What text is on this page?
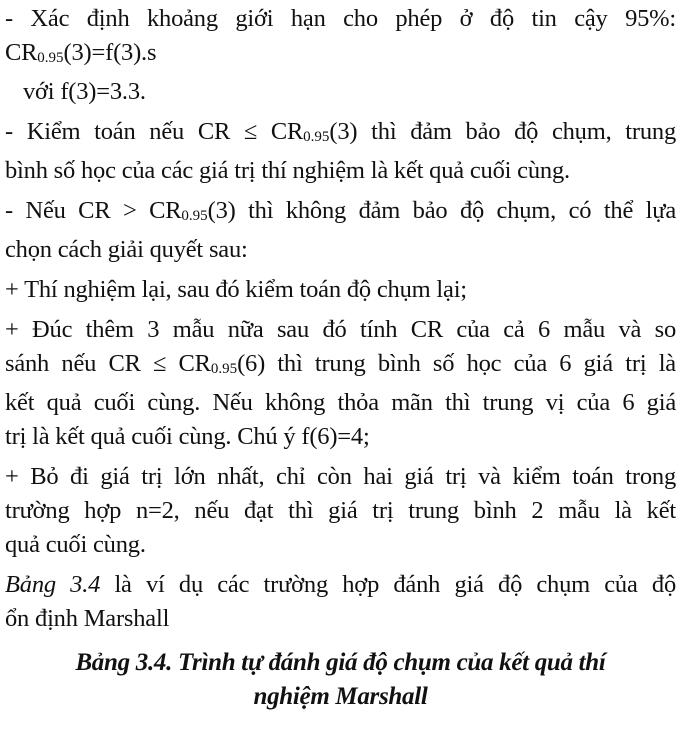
- Xác định khoảng giới hạn cho phép ở độ tin cậy 95%:
CR0.95(3)=f(3).s
với f(3)=3.3.
- Kiểm toán nếu CR ≤ CR0.95(3) thì đảm bảo độ chụm, trung
bình số học của các giá trị thí nghiệm là kết quả cuối cùng.
- Nếu CR > CR0.95(3) thì không đảm bảo độ chụm, có thể lựa
chọn cách giải quyết sau:
+ Thí nghiệm lại, sau đó kiểm toán độ chụm lại;
+ Đúc thêm 3 mẫu nữa sau đó tính CR của cả 6 mẫu và so
sánh nếu CR ≤ CR0.95(6) thì trung bình số học của 6 giá trị là
kết quả cuối cùng. Nếu không thỏa mãn thì trung vị của 6 giá
trị là kết quả cuối cùng. Chú ý f(6)=4;
+ Bỏ đi giá trị lớn nhất, chỉ còn hai giá trị và kiểm toán trong
trường hợp n=2, nếu đạt thì giá trị trung bình 2 mẫu là kết
quả cuối cùng.
Bảng 3.4 là ví dụ các trường hợp đánh giá độ chụm của độ
ổn định Marshall
Bảng 3.4. Trình tự đánh giá độ chụm của kết quả thí
nghiệm Marshall
